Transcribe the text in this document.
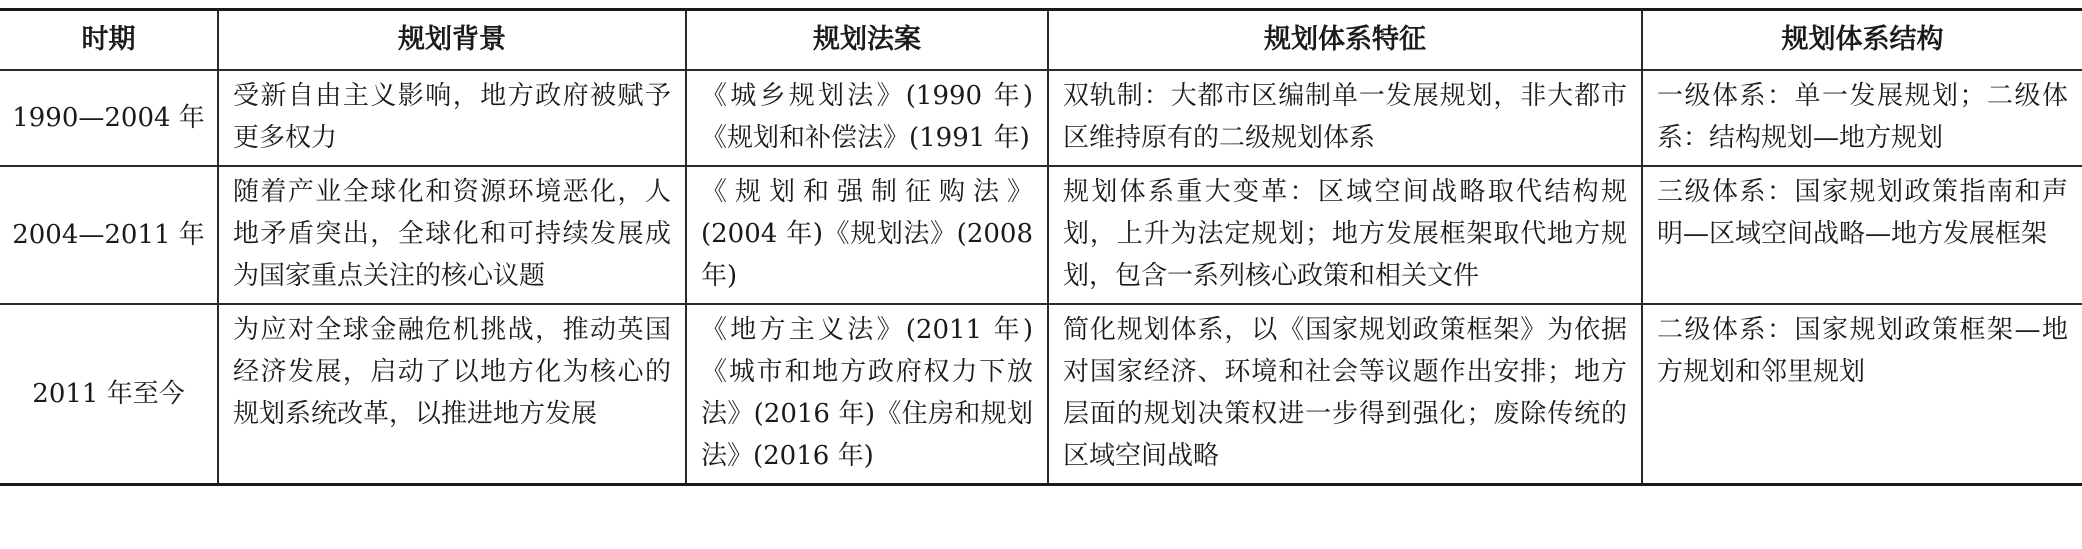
时期	规划背景	规划法案	规划体系特征	规划体系结构
1990—2004 年	受新自由主义影响，地方政府被赋予更多权力	《城乡规划法》(1990 年)《规划和补偿法》(1991 年)	双轨制：大都市区编制单一发展规划，非大都市区维持原有的二级规划体系	一级体系：单一发展规划；二级体系：结构规划—地方规划
2004—2011 年	随着产业全球化和资源环境恶化，人地矛盾突出，全球化和可持续发展成为国家重点关注的核心议题	《规划和强制征购法》(2004 年)《规划法》(2008 年)	规划体系重大变革：区域空间战略取代结构规划，上升为法定规划；地方发展框架取代地方规划，包含一系列核心政策和相关文件	三级体系：国家规划政策指南和声明—区域空间战略—地方发展框架
2011 年至今	为应对全球金融危机挑战，推动英国经济发展，启动了以地方化为核心的规划系统改革，以推进地方发展	《地方主义法》(2011 年)《城市和地方政府权力下放法》(2016 年)《住房和规划法》(2016 年)	简化规划体系，以《国家规划政策框架》为依据对国家经济、环境和社会等议题作出安排；地方层面的规划决策权进一步得到强化；废除传统的区域空间战略	二级体系：国家规划政策框架—地方规划和邻里规划
